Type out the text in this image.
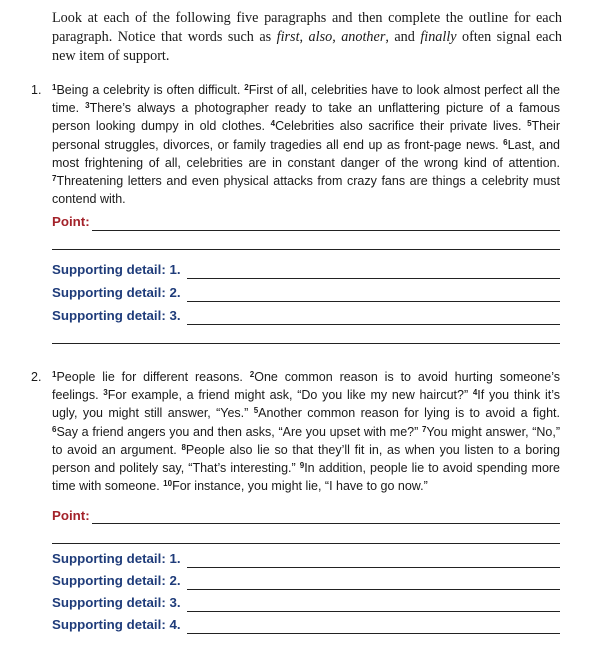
Look at each of the following five paragraphs and then complete the outline for each paragraph. Notice that words such as first, also, another, and finally often signal each new item of support.
1. $^1$Being a celebrity is often difficult. $^2$First of all, celebrities have to look almost perfect all the time. $^3$There’s always a photographer ready to take an unflattering picture of a famous person looking dumpy in old clothes. $^4$Celebrities also sacrifice their private lives. $^5$Their personal struggles, divorces, or family tragedies all end up as front-page news. $^6$Last, and most frightening of all, celebrities are in constant danger of the wrong kind of attention. $^7$Threatening letters and even physical attacks from crazy fans are things a celebrity must contend with.
Point:
Supporting detail: 1.
Supporting detail: 2.
Supporting detail: 3.
2. $^1$People lie for different reasons. $^2$One common reason is to avoid hurting someone’s feelings. $^3$For example, a friend might ask, “Do you like my new haircut?” $^4$If you think it’s ugly, you might still answer, “Yes.” $^5$Another common reason for lying is to avoid a fight. $^6$Say a friend angers you and then asks, “Are you upset with me?” $^7$You might answer, “No,” to avoid an argument. $^8$People also lie so that they’ll fit in, as when you listen to a boring person and politely say, “That’s interesting.” $^9$In addition, people lie to avoid spending more time with someone. $^{10}$For instance, you might lie, “I have to go now.”
Point:
Supporting detail: 1.
Supporting detail: 2.
Supporting detail: 3.
Supporting detail: 4.
